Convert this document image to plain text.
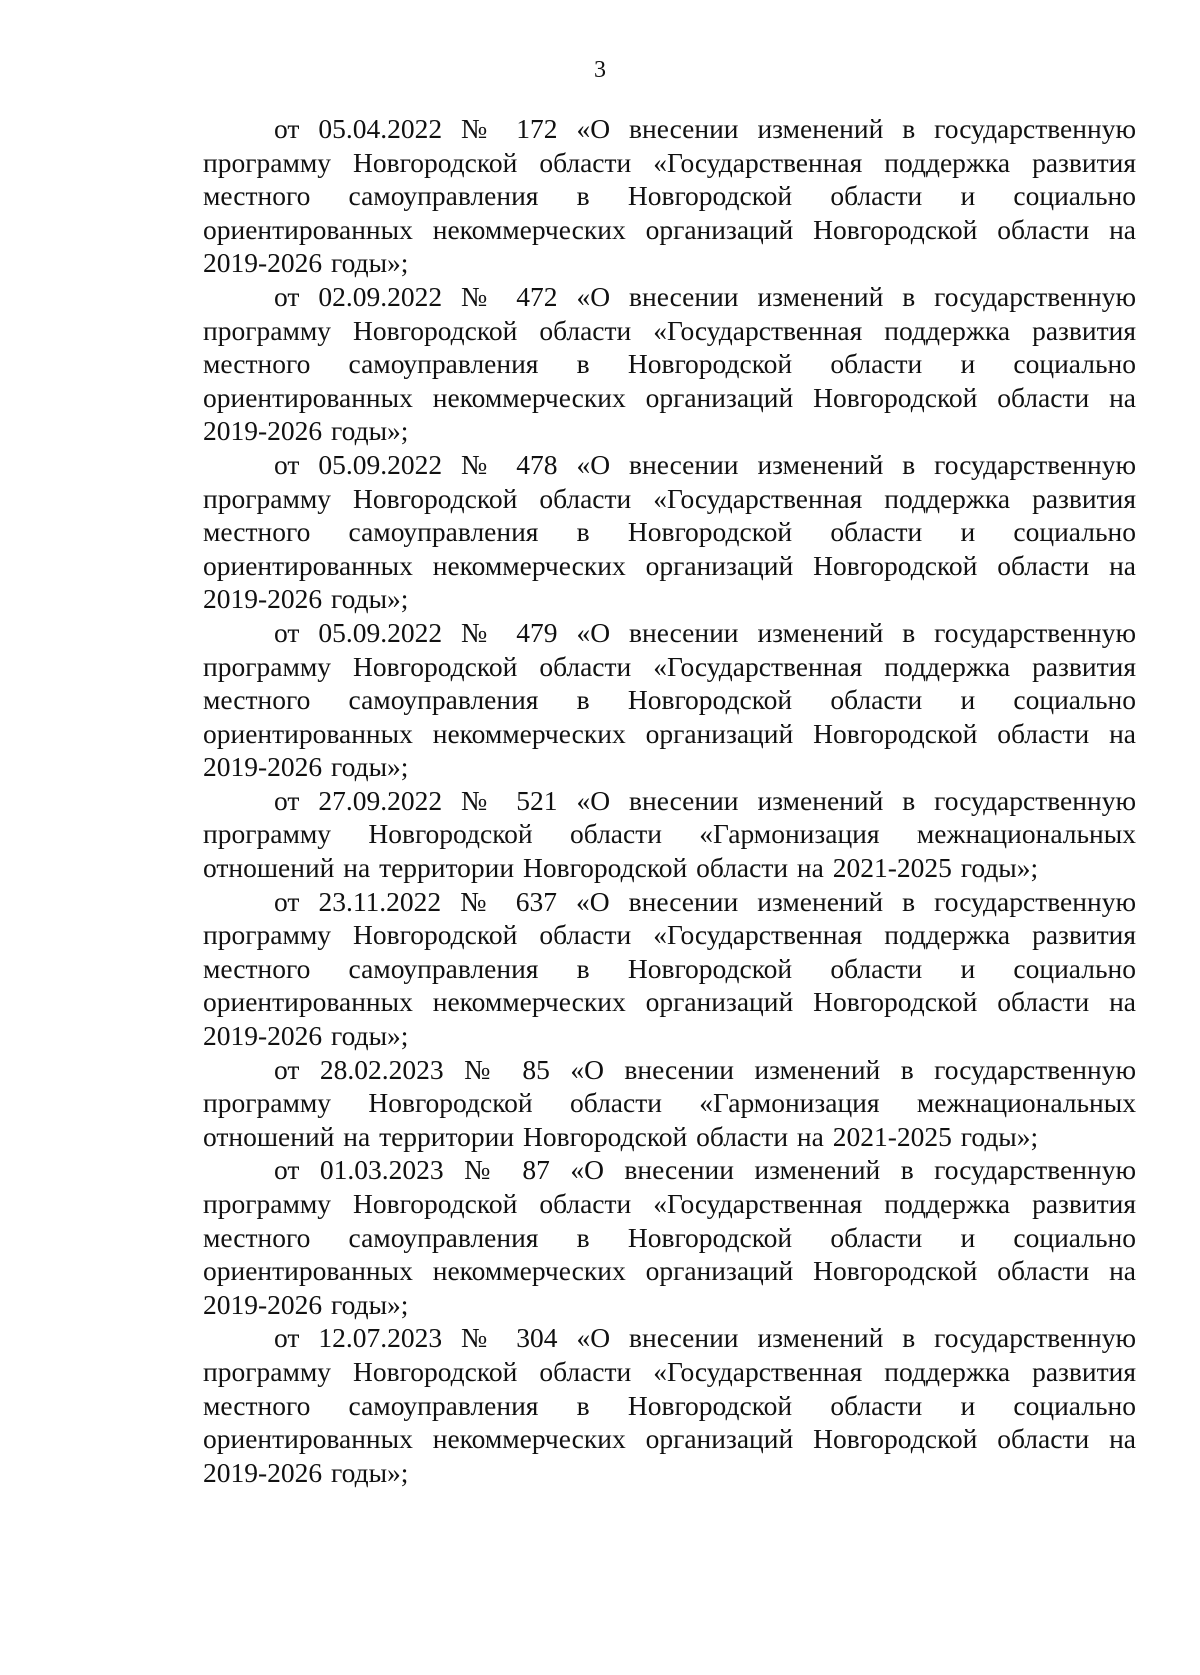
3

от 05.04.2022 № 172 «О внесении изменений в государственную программу Новгородской области «Государственная поддержка развития местного самоуправления в Новгородской области и социально ориентированных некоммерческих организаций Новгородской области на 2019-2026 годы»;

от 02.09.2022 № 472 «О внесении изменений в государственную программу Новгородской области «Государственная поддержка развития местного самоуправления в Новгородской области и социально ориентированных некоммерческих организаций Новгородской области на 2019-2026 годы»;

от 05.09.2022 № 478 «О внесении изменений в государственную программу Новгородской области «Государственная поддержка развития местного самоуправления в Новгородской области и социально ориентированных некоммерческих организаций Новгородской области на 2019-2026 годы»;

от 05.09.2022 № 479 «О внесении изменений в государственную программу Новгородской области «Государственная поддержка развития местного самоуправления в Новгородской области и социально ориентированных некоммерческих организаций Новгородской области на 2019-2026 годы»;

от 27.09.2022 № 521 «О внесении изменений в государственную программу Новгородской области «Гармонизация межнациональных отношений на территории Новгородской области на 2021-2025 годы»;

от 23.11.2022 № 637 «О внесении изменений в государственную программу Новгородской области «Государственная поддержка развития местного самоуправления в Новгородской области и социально ориентированных некоммерческих организаций Новгородской области на 2019-2026 годы»;

от 28.02.2023 № 85 «О внесении изменений в государственную программу Новгородской области «Гармонизация межнациональных отношений на территории Новгородской области на 2021-2025 годы»;

от 01.03.2023 № 87 «О внесении изменений в государственную программу Новгородской области «Государственная поддержка развития местного самоуправления в Новгородской области и социально ориентированных некоммерческих организаций Новгородской области на 2019-2026 годы»;

от 12.07.2023 № 304 «О внесении изменений в государственную программу Новгородской области «Государственная поддержка развития местного самоуправления в Новгородской области и социально ориентированных некоммерческих организаций Новгородской области на 2019-2026 годы»;
